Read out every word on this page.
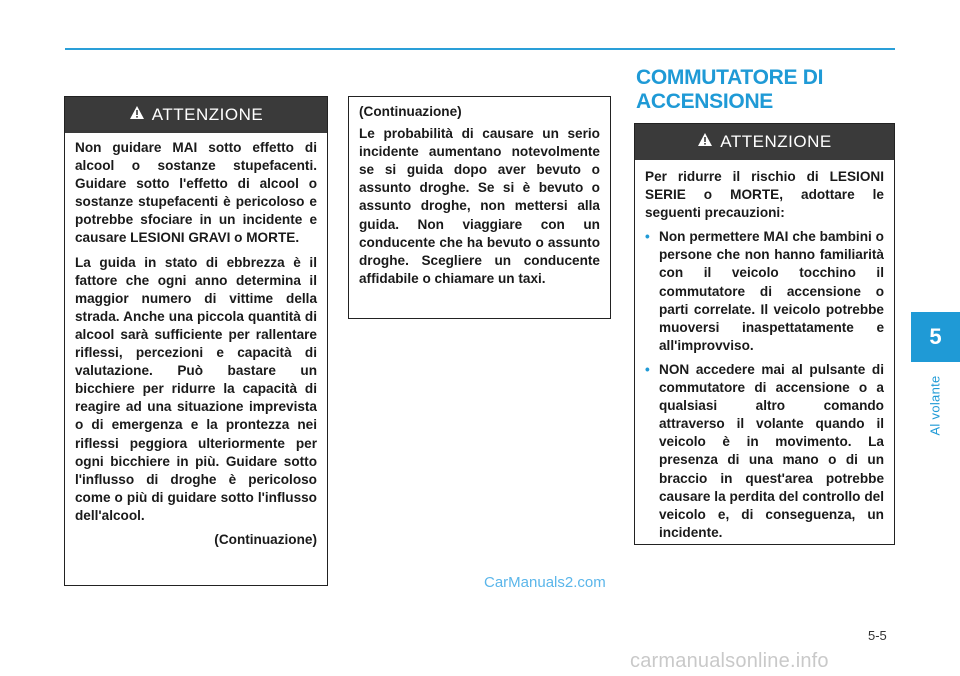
ATTENZIONE

Non guidare MAI sotto effetto di alcool o sostanze stupefacenti. Guidare sotto l'effetto di alcool o sostanze stupefacenti è pericoloso e potrebbe sfociare in un incidente e causare LESIONI GRAVI o MORTE.

La guida in stato di ebbrezza è il fattore che ogni anno determina il maggior numero di vittime della strada. Anche una piccola quantità di alcool sarà sufficiente per rallentare riflessi, percezioni e capacità di valutazione. Può bastare un bicchiere per ridurre la capacità di reagire ad una situazione imprevista o di emergenza e la prontezza nei riflessi peggiora ulteriormente per ogni bicchiere in più. Guidare sotto l'influsso di droghe è pericoloso come o più di guidare sotto l'influsso dell'alcool.

(Continuazione)

(Continuazione)

Le probabilità di causare un serio incidente aumentano notevolmente se si guida dopo aver bevuto o assunto droghe. Se si è bevuto o assunto droghe, non mettersi alla guida. Non viaggiare con un conducente che ha bevuto o assunto droghe. Scegliere un conducente affidabile o chiamare un taxi.

COMMUTATORE DI
ACCENSIONE
ATTENZIONE

Per ridurre il rischio di LESIONI SERIE o MORTE, adottare le seguenti precauzioni:

• Non permettere MAI che bambini o persone che non hanno familiarità con il veicolo tocchino il commutatore di accensione o parti correlate. Il veicolo potrebbe muoversi inaspettatamente e all'improvviso.
• NON accedere mai al pulsante di commutatore di accensione o a qualsiasi altro comando attraverso il volante quando il veicolo è in movimento. La presenza di una mano o di un braccio in quest'area potrebbe causare la perdita del controllo del veicolo e, di conseguenza, un incidente.
5
Al volante
CarManuals2.com
5-5
carmanualsonline.info
